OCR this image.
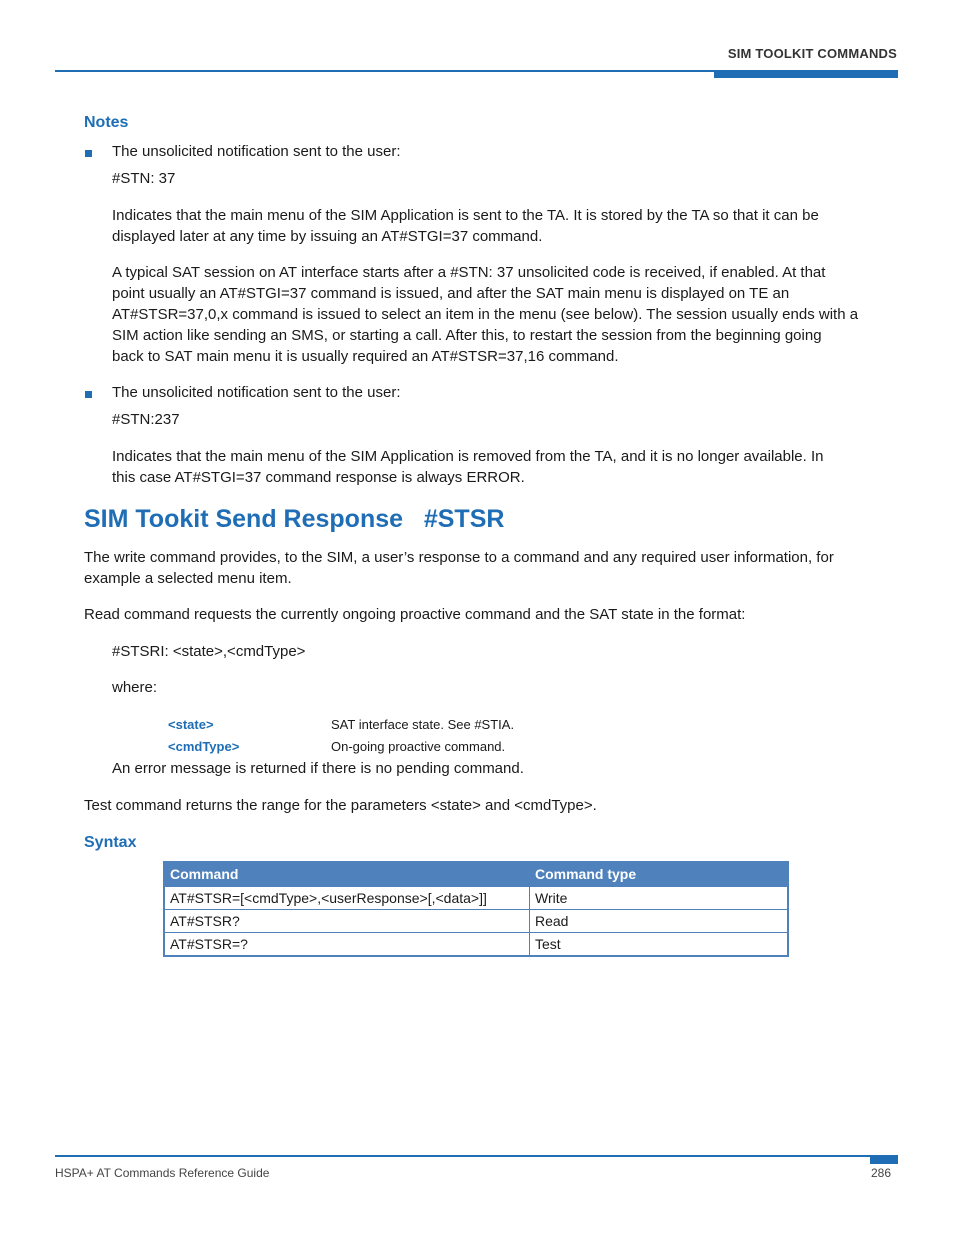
SIM TOOLKIT COMMANDS
Notes
The unsolicited notification sent to the user:
#STN: 37
Indicates that the main menu of the SIM Application is sent to the TA. It is stored by the TA so that it can be
displayed later at any time by issuing an AT#STGI=37 command.
A typical SAT session on AT interface starts after a #STN: 37 unsolicited code is received, if enabled. At that
point usually an AT#STGI=37 command is issued, and after the SAT main menu is displayed on TE an
AT#STSR=37,0,x command is issued to select an item in the menu (see below). The session usually ends with a
SIM action like sending an SMS, or starting a call. After this, to restart the session from the beginning going
back to SAT main menu it is usually required an AT#STSR=37,16 command.
The unsolicited notification sent to the user:
#STN:237
Indicates that the main menu of the SIM Application is removed from the TA, and it is no longer available. In
this case AT#STGI=37 command response is always ERROR.
SIM Tookit Send Response   #STSR
The write command provides, to the SIM, a user’s response to a command and any required user information, for
example a selected menu item.
Read command requests the currently ongoing proactive command and the SAT state in the format:
#STSRI: <state>,<cmdType>
where:
<state>	SAT interface state. See #STIA.
<cmdType>	On-going proactive command.
An error message is returned if there is no pending command.
Test command returns the range for the parameters <state> and <cmdType>.
Syntax
Command	Command type
AT#STSR=[<cmdType>,<userResponse>[,<data>]]	Write
AT#STSR?	Read
AT#STSR=?	Test
HSPA+ AT Commands Reference Guide	286
